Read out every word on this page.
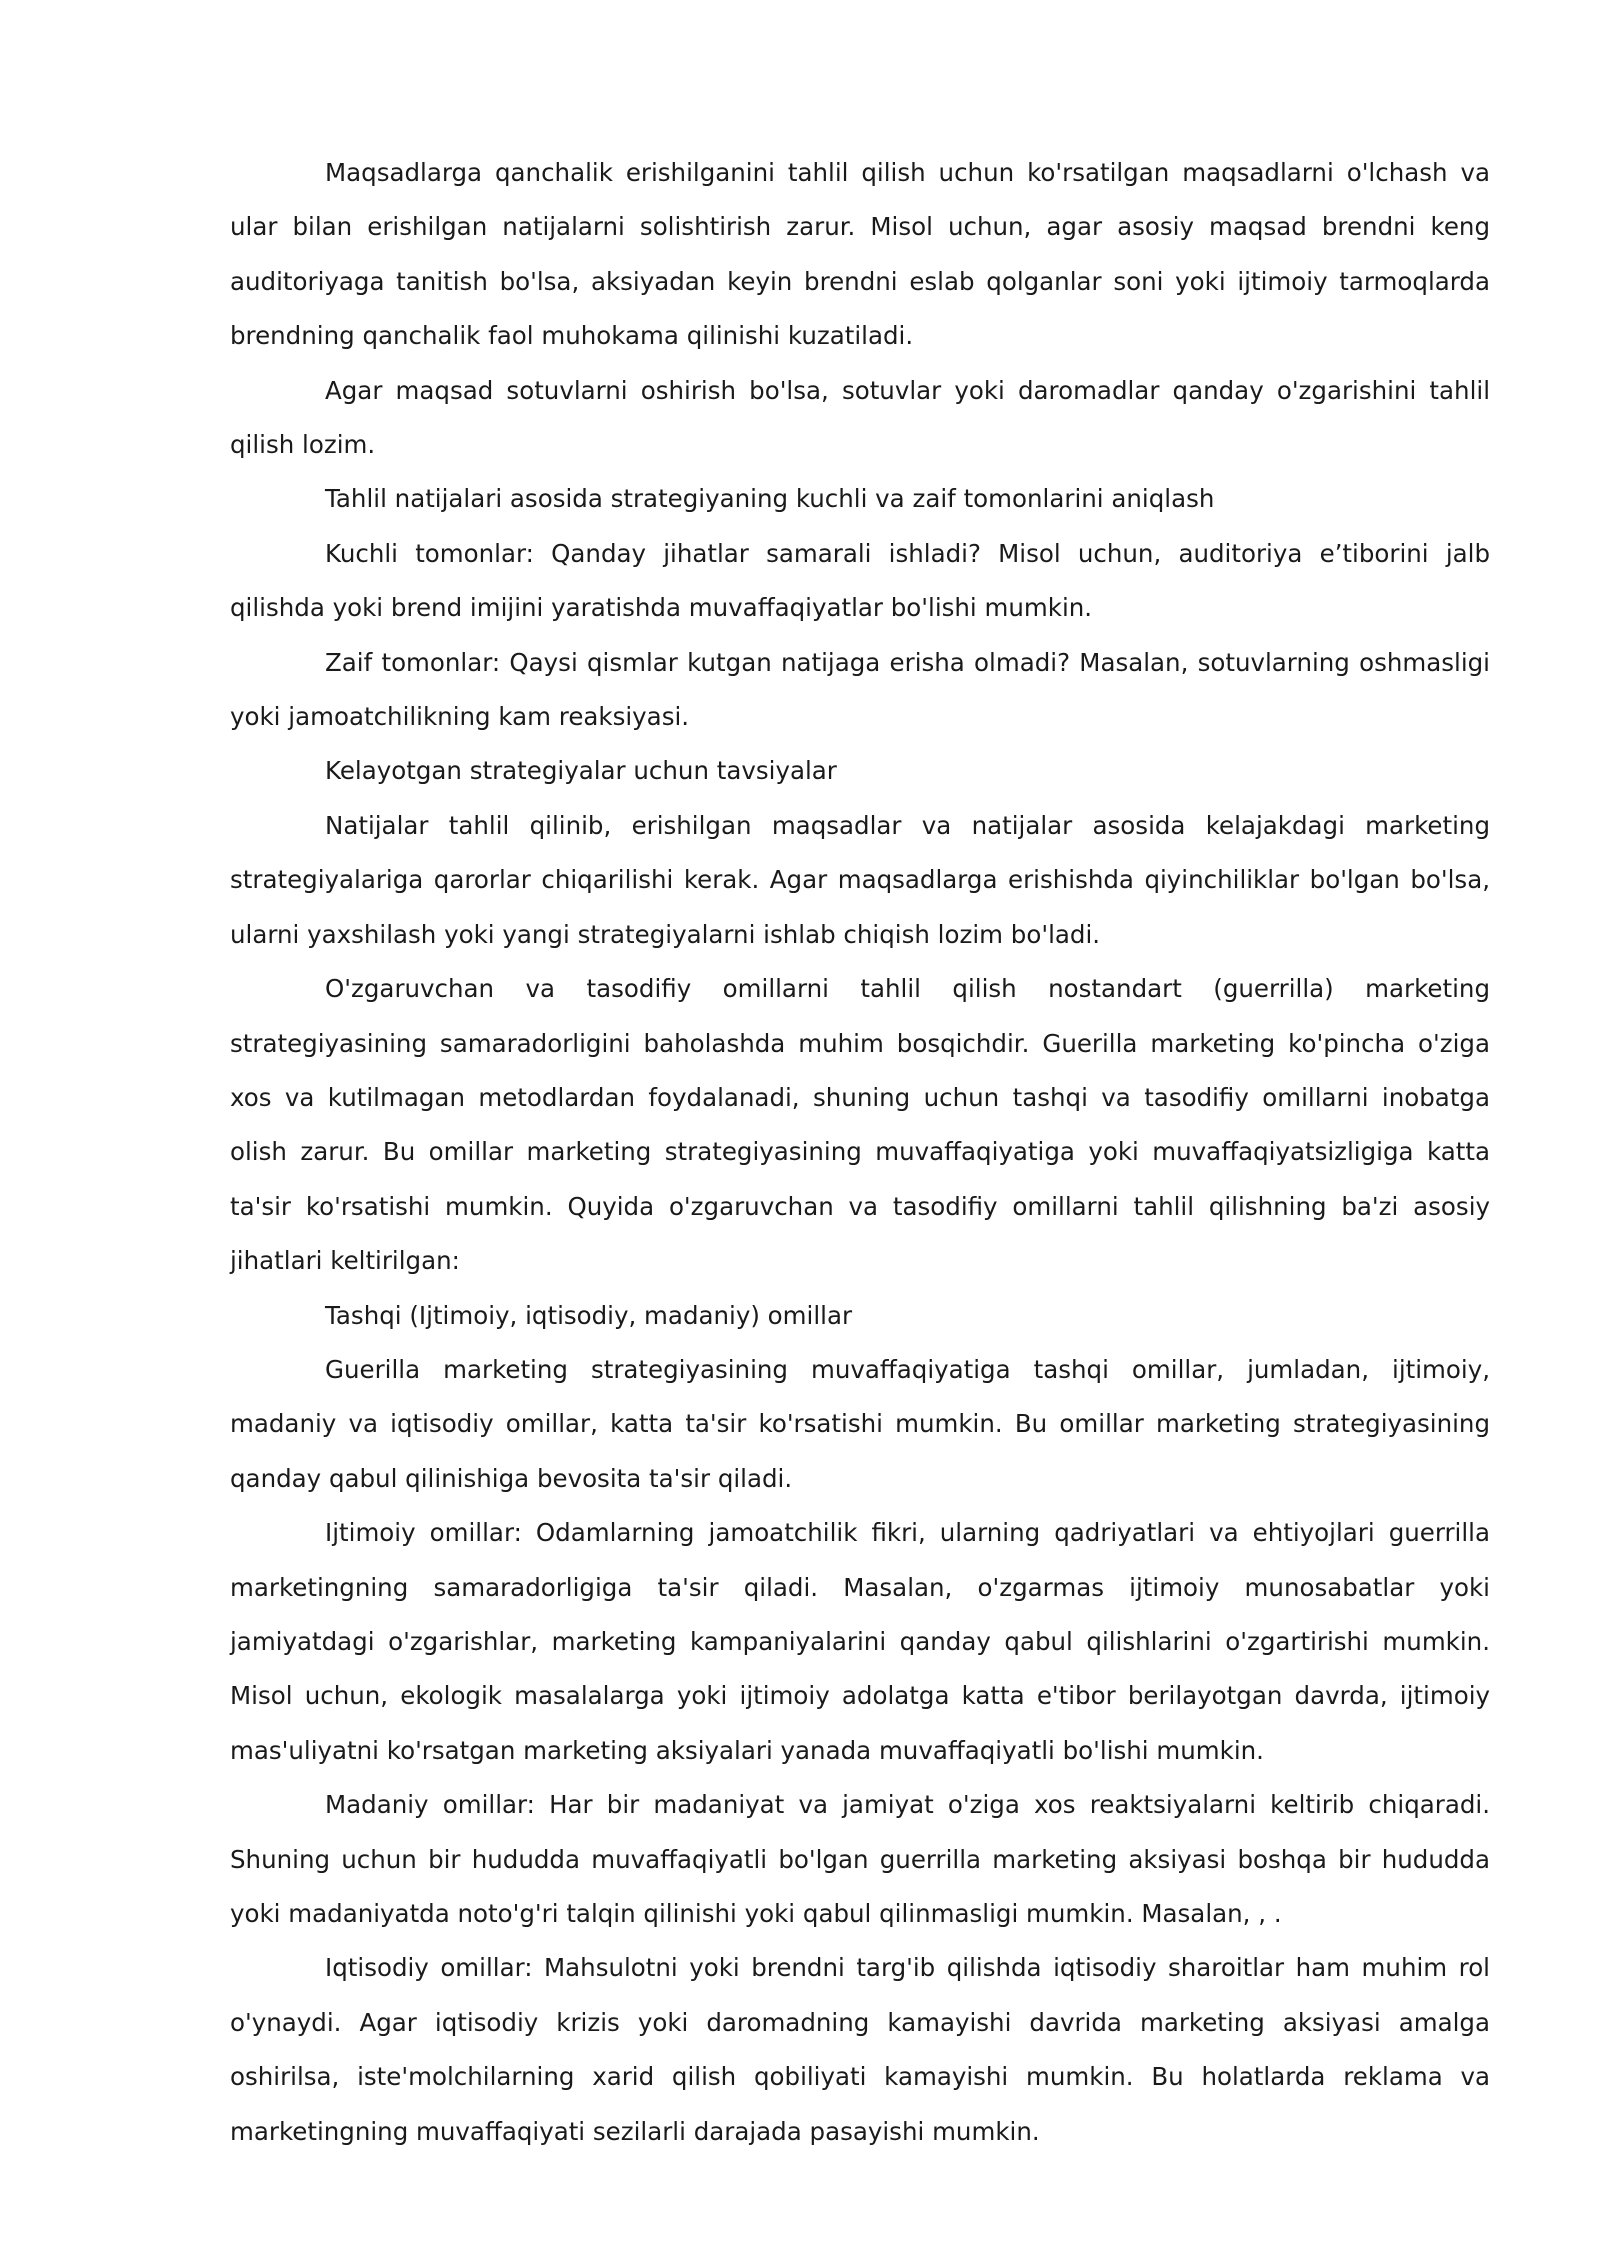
Maqsadlarga qanchalik erishilganini tahlil qilish uchun ko'rsatilgan maqsadlarni o'lchash va ular bilan erishilgan natijalarni solishtirish zarur. Misol uchun, agar asosiy maqsad brendni keng auditoriyaga tanitish bo'lsa, aksiyadan keyin brendni eslab qolganlar soni yoki ijtimoiy tarmoqlarda brendning qanchalik faol muhokama qilinishi kuzatiladi.

Agar maqsad sotuvlarni oshirish bo'lsa, sotuvlar yoki daromadlar qanday o'zgarishini tahlil qilish lozim.

Tahlil natijalari asosida strategiyaning kuchli va zaif tomonlarini aniqlash

Kuchli tomonlar: Qanday jihatlar samarali ishladi? Misol uchun, auditoriya e’tiborini jalb qilishda yoki brend imijini yaratishda muvaffaqiyatlar bo'lishi mumkin.

Zaif tomonlar: Qaysi qismlar kutgan natijaga erisha olmadi? Masalan, sotuvlarning oshmasligi yoki jamoatchilikning kam reaksiyasi.

Kelayotgan strategiyalar uchun tavsiyalar

Natijalar tahlil qilinib, erishilgan maqsadlar va natijalar asosida kelajakdagi marketing strategiyalariga qarorlar chiqarilishi kerak. Agar maqsadlarga erishishda qiyinchiliklar bo'lgan bo'lsa, ularni yaxshilash yoki yangi strategiyalarni ishlab chiqish lozim bo'ladi.

O'zgaruvchan va tasodifiy omillarni tahlil qilish nostandart (guerrilla) marketing strategiyasining samaradorligini baholashda muhim bosqichdir. Guerilla marketing ko'pincha o'ziga xos va kutilmagan metodlardan foydalanadi, shuning uchun tashqi va tasodifiy omillarni inobatga olish zarur. Bu omillar marketing strategiyasining muvaffaqiyatiga yoki muvaffaqiyatsizligiga katta ta'sir ko'rsatishi mumkin. Quyida o'zgaruvchan va tasodifiy omillarni tahlil qilishning ba'zi asosiy jihatlari keltirilgan:

Tashqi (Ijtimoiy, iqtisodiy, madaniy) omillar

Guerilla marketing strategiyasining muvaffaqiyatiga tashqi omillar, jumladan, ijtimoiy, madaniy va iqtisodiy omillar, katta ta'sir ko'rsatishi mumkin. Bu omillar marketing strategiyasining qanday qabul qilinishiga bevosita ta'sir qiladi.

Ijtimoiy omillar: Odamlarning jamoatchilik fikri, ularning qadriyatlari va ehtiyojlari guerrilla marketingning samaradorligiga ta'sir qiladi. Masalan, o'zgarmas ijtimoiy munosabatlar yoki jamiyatdagi o'zgarishlar, marketing kampaniyalarini qanday qabul qilishlarini o'zgartirishi mumkin. Misol uchun, ekologik masalalarga yoki ijtimoiy adolatga katta e'tibor berilayotgan davrda, ijtimoiy mas'uliyatni ko'rsatgan marketing aksiyalari yanada muvaffaqiyatli bo'lishi mumkin.

Madaniy omillar: Har bir madaniyat va jamiyat o'ziga xos reaktsiyalarni keltirib chiqaradi. Shuning uchun bir hududda muvaffaqiyatli bo'lgan guerrilla marketing aksiyasi boshqa bir hududda yoki madaniyatda noto'g'ri talqin qilinishi yoki qabul qilinmasligi mumkin. Masalan, , .

Iqtisodiy omillar: Mahsulotni yoki brendni targ'ib qilishda iqtisodiy sharoitlar ham muhim rol o'ynaydi. Agar iqtisodiy krizis yoki daromadning kamayishi davrida marketing aksiyasi amalga oshirilsa, iste'molchilarning xarid qilish qobiliyati kamayishi mumkin. Bu holatlarda reklama va marketingning muvaffaqiyati sezilarli darajada pasayishi mumkin.
